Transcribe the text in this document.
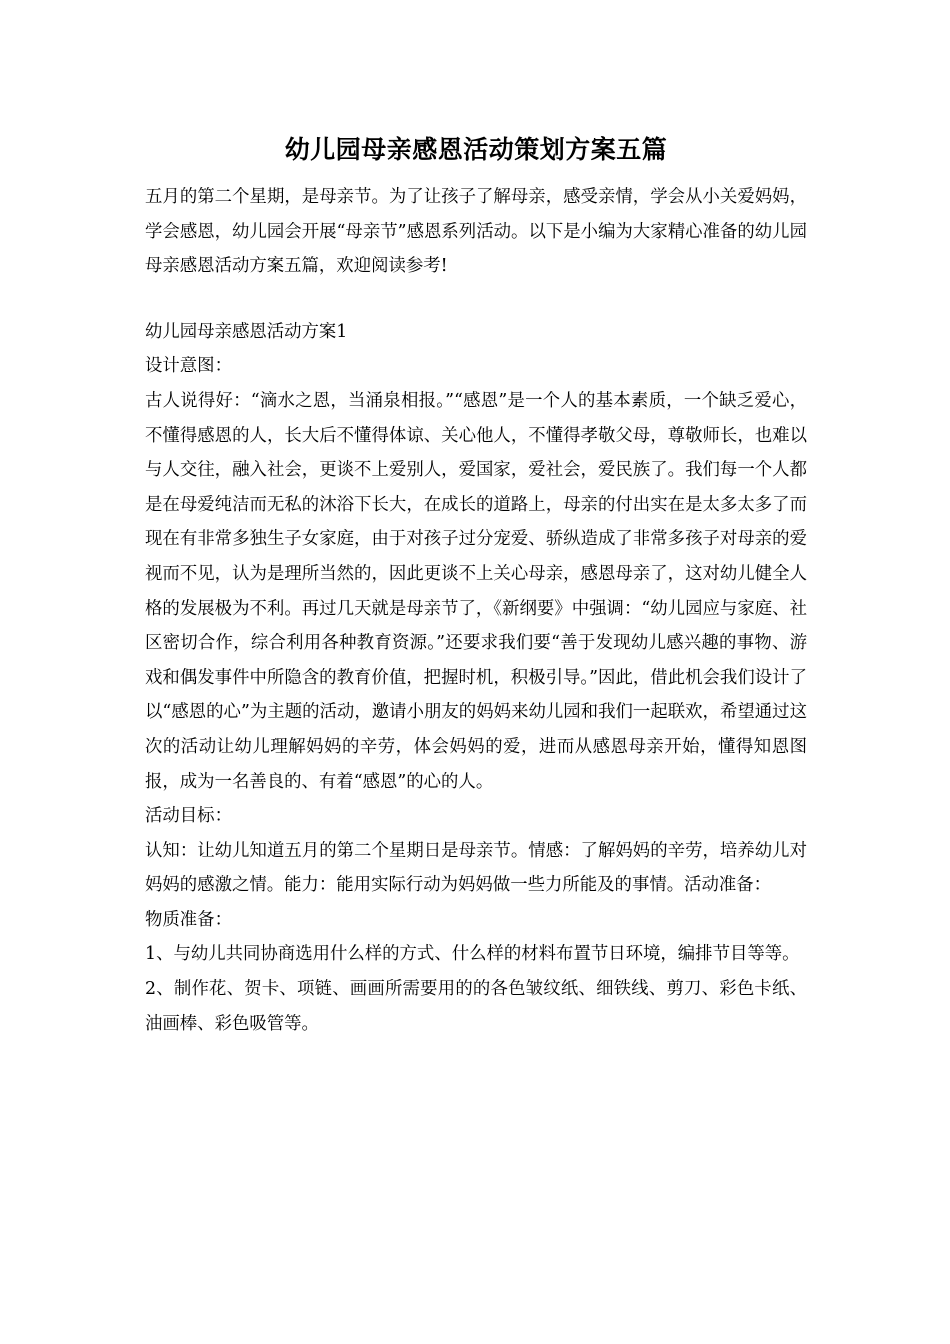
幼儿园母亲感恩活动策划方案五篇

五月的第二个星期，是母亲节。为了让孩子了解母亲，感受亲情，学会从小关爱妈妈，学会感恩，幼儿园会开展“母亲节”感恩系列活动。以下是小编为大家精心准备的幼儿园母亲感恩活动方案五篇，欢迎阅读参考!

幼儿园母亲感恩活动方案1

设计意图：

古人说得好：“滴水之恩，当涌泉相报。”“感恩”是一个人的基本素质，一个缺乏爱心，不懂得感恩的人，长大后不懂得体谅、关心他人，不懂得孝敬父母，尊敬师长，也难以与人交往，融入社会，更谈不上爱别人，爱国家，爱社会，爱民族了。我们每一个人都是在母爱纯洁而无私的沐浴下长大，在成长的道路上，母亲的付出实在是太多太多了而现在有非常多独生子女家庭，由于对孩子过分宠爱、骄纵造成了非常多孩子对母亲的爱视而不见，认为是理所当然的，因此更谈不上关心母亲，感恩母亲了，这对幼儿健全人格的发展极为不利。再过几天就是母亲节了，《新纲要》中强调：“幼儿园应与家庭、社区密切合作，综合利用各种教育资源。”还要求我们要“善于发现幼儿感兴趣的事物、游戏和偶发事件中所隐含的教育价值，把握时机，积极引导。”因此，借此机会我们设计了以“感恩的心”为主题的活动，邀请小朋友的妈妈来幼儿园和我们一起联欢，希望通过这次的活动让幼儿理解妈妈的辛劳，体会妈妈的爱，进而从感恩母亲开始，懂得知恩图报，成为一名善良的、有着“感恩”的心的人。

活动目标：

认知：让幼儿知道五月的第二个星期日是母亲节。情感：了解妈妈的辛劳，培养幼儿对妈妈的感激之情。能力：能用实际行动为妈妈做一些力所能及的事情。活动准备：

物质准备：

1、与幼儿共同协商选用什么样的方式、什么样的材料布置节日环境，编排节目等等。

2、制作花、贺卡、项链、画画所需要用的的各色皱纹纸、细铁线、剪刀、彩色卡纸、油画棒、彩色吸管等。
